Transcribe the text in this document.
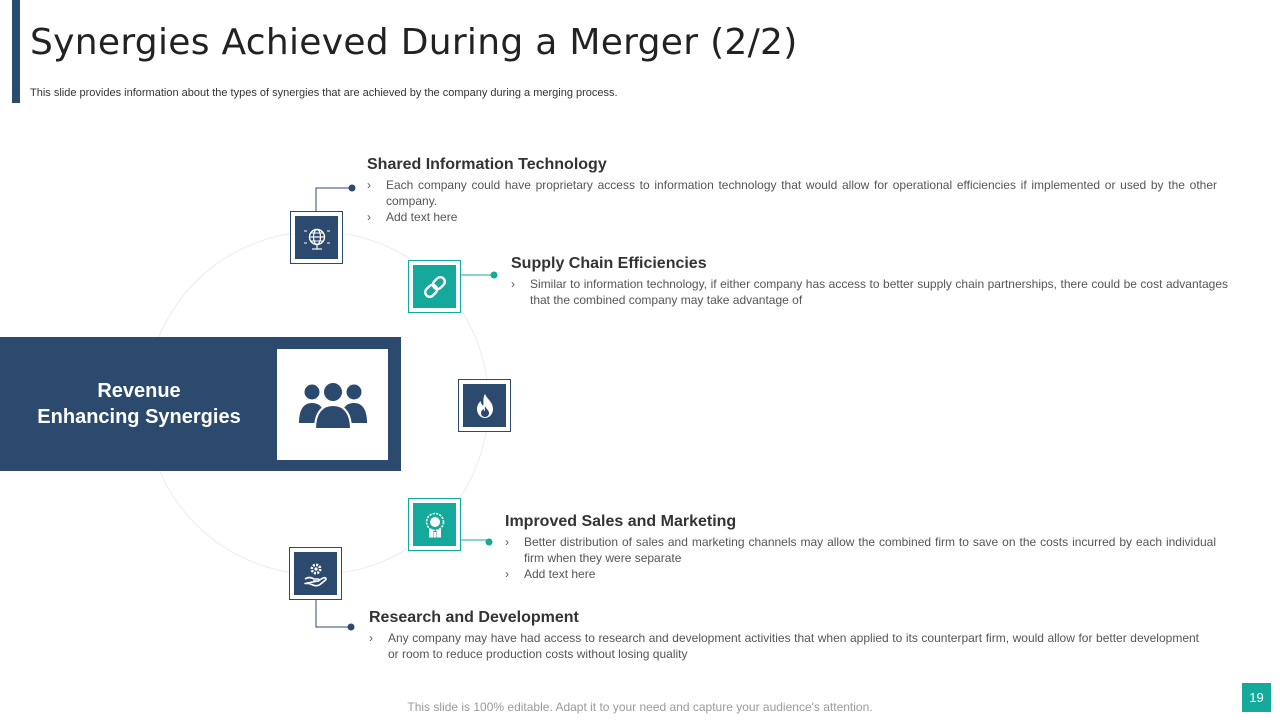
Synergies Achieved During a Merger (2/2)
This slide provides information about the types of synergies that are achieved by the company during a merging process.
Revenue
Enhancing Synergies
Shared Information Technology
› Each company could have proprietary access to information technology that would allow for operational efficiencies if implemented or used by the other company.
› Add text here
Supply Chain Efficiencies
› Similar to information technology, if either company has access to better supply chain partnerships, there could be cost advantages that the combined company may take advantage of
Improved Sales and Marketing
› Better distribution of sales and marketing channels may allow the combined firm to save on the costs incurred by each individual firm when they were separate
› Add text here
Research and Development
› Any company may have had access to research and development activities that when applied to its counterpart firm, would allow for better development or room to reduce production costs without losing quality
This slide is 100% editable. Adapt it to your need and capture your audience's attention.
19
